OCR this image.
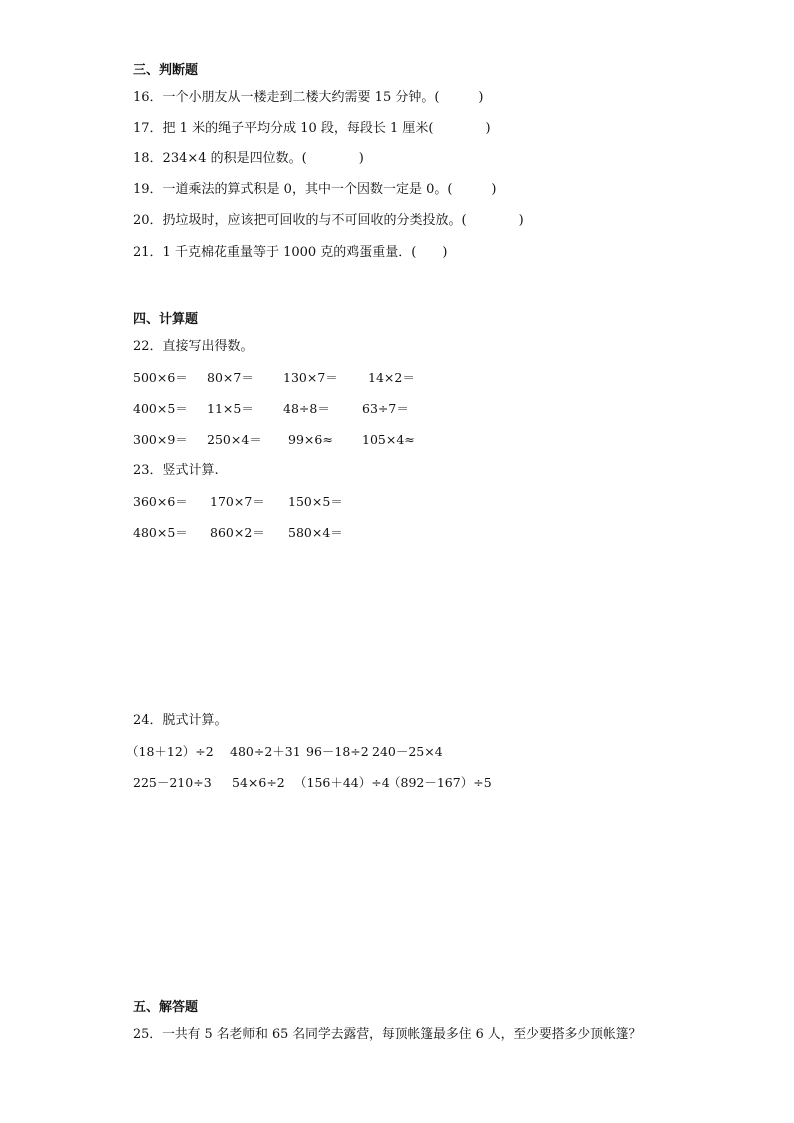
三、判断题
16．一个小朋友从一楼走到二楼大约需要 15 分钟。(　　　)
17．把 1 米的绳子平均分成 10 段，每段长 1 厘米(　　　　)
18．234×4 的积是四位数。(　　　　)
19．一道乘法的算式积是 0，其中一个因数一定是 0。(　　　)
20．扔垃圾时，应该把可回收的与不可回收的分类投放。(　　　　)
21．1 千克棉花重量等于 1000 克的鸡蛋重量．(　　)
四、计算题
22．直接写出得数。
500×6＝ 80×7＝ 130×7＝ 14×2＝
400×5＝ 11×5＝ 48÷8＝	63÷7＝
300×9＝ 250×4＝ 99×6≈ 105×4≈
23．竖式计算.
360×6＝ 170×7＝ 150×5＝
480×5＝ 860×2＝ 580×4＝
24．脱式计算。
（18＋12）÷2 480÷2＋31 96－18÷2 240－25×4
225－210÷3 54×6÷2 （156＋44）÷4
（892－167）÷5
五、解答题
25．一共有 5 名老师和 65 名同学去露营，每顶帐篷最多住 6 人，至少要搭多少顶帐篷？
